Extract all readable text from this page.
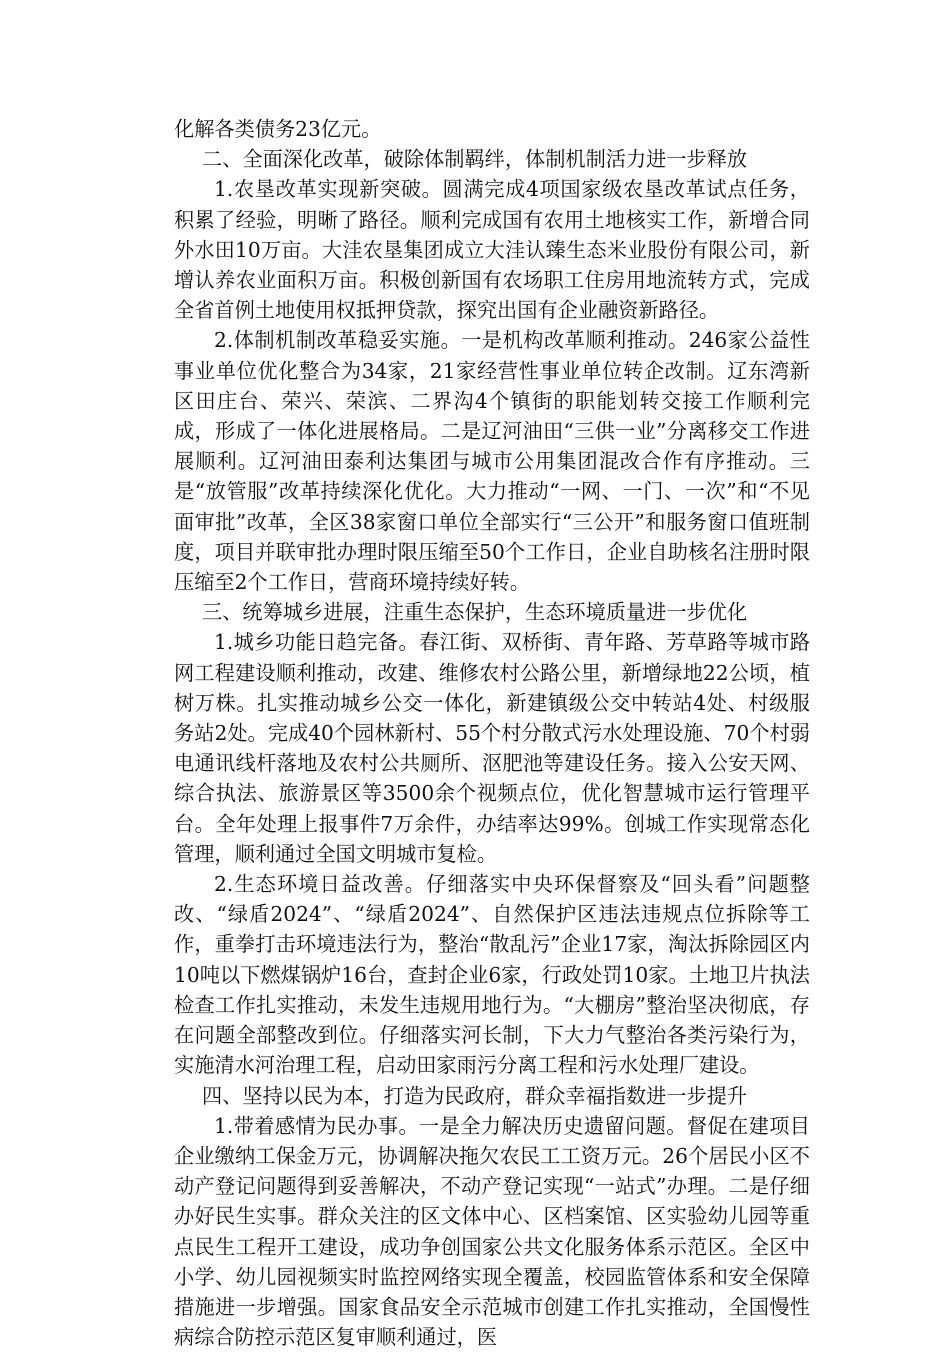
化解各类债务23亿元。

二、全面深化改革，破除体制羁绊，体制机制活力进一步释放

1.农垦改革实现新突破。圆满完成4项国家级农垦改革试点任务，积累了经验，明晰了路径。顺利完成国有农用土地核实工作，新增合同外水田10万亩。大洼农垦集团成立大洼认臻生态米业股份有限公司，新增认养农业面积万亩。积极创新国有农场职工住房用地流转方式，完成全省首例土地使用权抵押贷款，探究出国有企业融资新路径。

2.体制机制改革稳妥实施。一是机构改革顺利推动。246家公益性事业单位优化整合为34家，21家经营性事业单位转企改制。辽东湾新区田庄台、荣兴、荣滨、二界沟4个镇街的职能划转交接工作顺利完成，形成了一体化进展格局。二是辽河油田“三供一业”分离移交工作进展顺利。辽河油田泰利达集团与城市公用集团混改合作有序推动。三是“放管服”改革持续深化优化。大力推动“一网、一门、一次”和“不见面审批”改革，全区38家窗口单位全部实行“三公开”和服务窗口值班制度，项目并联审批办理时限压缩至50个工作日，企业自助核名注册时限压缩至2个工作日，营商环境持续好转。

三、统筹城乡进展，注重生态保护，生态环境质量进一步优化

1.城乡功能日趋完备。春江街、双桥街、青年路、芳草路等城市路网工程建设顺利推动，改建、维修农村公路公里，新增绿地22公顷，植树万株。扎实推动城乡公交一体化，新建镇级公交中转站4处、村级服务站2处。完成40个园林新村、55个村分散式污水处理设施、70个村弱电通讯线杆落地及农村公共厕所、沤肥池等建设任务。接入公安天网、综合执法、旅游景区等3500余个视频点位，优化智慧城市运行管理平台。全年处理上报事件7万余件，办结率达99%。创城工作实现常态化管理，顺利通过全国文明城市复检。

2.生态环境日益改善。仔细落实中央环保督察及“回头看”问题整改、“绿盾2024”、“绿盾2024”、自然保护区违法违规点位拆除等工作，重拳打击环境违法行为，整治“散乱污”企业17家，淘汰拆除园区内10吨以下燃煤锅炉16台，查封企业6家，行政处罚10家。土地卫片执法检查工作扎实推动，未发生违规用地行为。“大棚房”整治坚决彻底，存在问题全部整改到位。仔细落实河长制，下大力气整治各类污染行为，实施清水河治理工程，启动田家雨污分离工程和污水处理厂建设。

四、坚持以民为本，打造为民政府，群众幸福指数进一步提升

1.带着感情为民办事。一是全力解决历史遗留问题。督促在建项目企业缴纳工保金万元，协调解决拖欠农民工工资万元。26个居民小区不动产登记问题得到妥善解决，不动产登记实现“一站式”办理。二是仔细办好民生实事。群众关注的区文体中心、区档案馆、区实验幼儿园等重点民生工程开工建设，成功争创国家公共文化服务体系示范区。全区中小学、幼儿园视频实时监控网络实现全覆盖，校园监管体系和安全保障措施进一步增强。国家食品安全示范城市创建工作扎实推动，全国慢性病综合防控示范区复审顺利通过，医
